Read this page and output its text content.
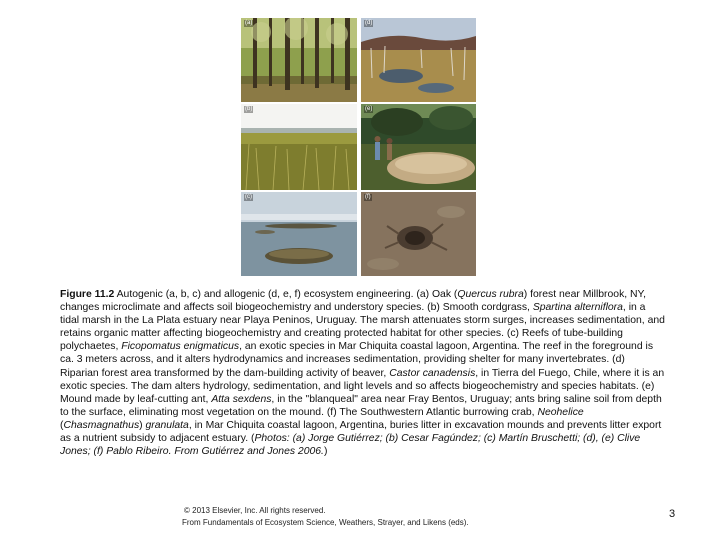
(a)
(b)
(c)
(d)
(e)
(f)
Figure 11.2 Autogenic (a, b, c) and allogenic (d, e, f) ecosystem engineering. (a) Oak (Quercus rubra) forest near Millbrook, NY, changes microclimate and affects soil biogeochemistry and understory species. (b) Smooth cordgrass, Spartina alterniflora, in a tidal marsh in the La Plata estuary near Playa Peninos, Uruguay. The marsh attenuates storm surges, increases sedimentation, and retains organic matter affecting biogeochemistry and creating protected habitat for other species. (c) Reefs of tube-building polychaetes, Ficopomatus enigmaticus, an exotic species in Mar Chiquita coastal lagoon, Argentina. The reef in the foreground is ca. 3 meters across, and it alters hydrodynamics and increases sedimentation, providing shelter for many invertebrates. (d) Riparian forest area transformed by the dam-building activity of beaver, Castor canadensis, in Tierra del Fuego, Chile, where it is an exotic species. The dam alters hydrology, sedimentation, and light levels and so affects biogeochemistry and species habitats. (e) Mound made by leaf-cutting ant, Atta sexdens, in the "blanqueal" area near Fray Bentos, Uruguay; ants bring saline soil from depth to the surface, eliminating most vegetation on the mound. (f) The Southwestern Atlantic burrowing crab, Neohelice (Chasmagnathus) granulata, in Mar Chiquita coastal lagoon, Argentina, buries litter in excavation mounds and prevents litter export as a nutrient subsidy to adjacent estuary. (Photos: (a) Jorge Gutiérrez; (b) Cesar Fagúndez; (c) Martín Bruschetti; (d), (e) Clive Jones; (f) Pablo Ribeiro. From Gutiérrez and Jones 2006.)
© 2013 Elsevier, Inc. All rights reserved.
From Fundamentals of Ecosystem Science, Weathers, Strayer, and Likens (eds).
3
